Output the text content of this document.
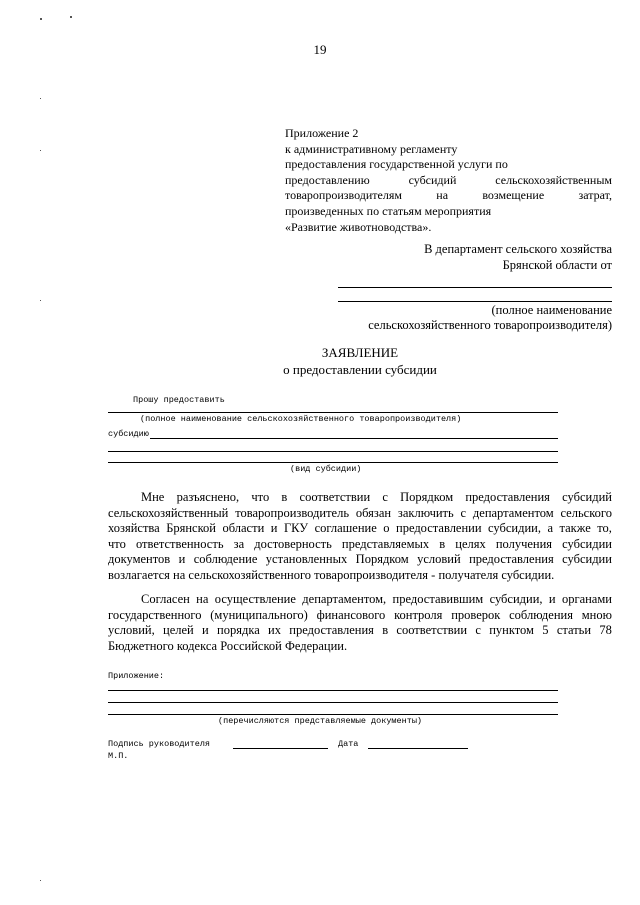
19
Приложение 2
к административному регламенту
предоставления государственной услуги по
предоставлению	субсидий	сельскохозяйственным
товаропроизводителям	на	возмещение	затрат,
произведенных по статьям мероприятия
«Развитие животноводства».
В департамент сельского хозяйства
Брянской области от
(полное наименование
сельскохозяйственного товаропроизводителя)
ЗАЯВЛЕНИЕ
о предоставлении субсидии
Прошу предоставить
(полное наименование сельскохозяйственного товаропроизводителя)
субсидию
(вид субсидии)
Мне разъяснено, что в соответствии с Порядком предоставления субсидий
сельскохозяйственный товаропроизводитель обязан заключить с департаментом сельского
хозяйства Брянской области и ГКУ соглашение о предоставлении субсидии, а также то,
что ответственность за достоверность представляемых в целях получения субсидии
документов и соблюдение установленных Порядком условий предоставления субсидии
возлагается на сельскохозяйственного товаропроизводителя - получателя субсидии.
Согласен на осуществление департаментом, предоставившим субсидии, и органами
государственного (муниципального) финансового контроля проверок соблюдения мною
условий, целей и порядка их предоставления в соответствии с пунктом 5 статьи 78
Бюджетного кодекса Российской Федерации.
Приложение:
(перечисляются представляемые документы)
Подпись руководителя	Дата
М.П.
